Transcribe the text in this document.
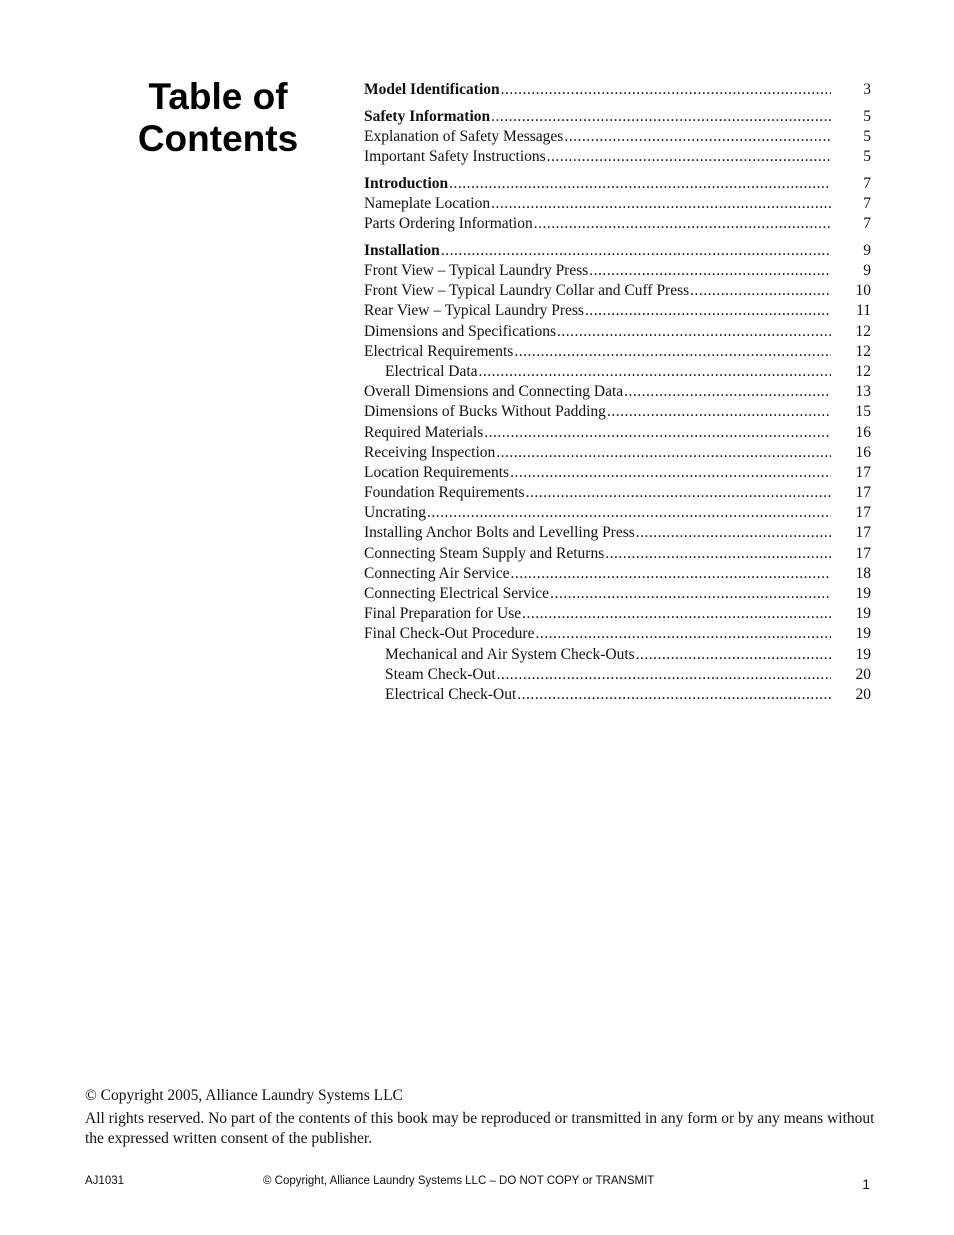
Table of
Contents
Model Identification .....	3
Safety Information .....	5
Explanation of Safety Messages .....	5
Important Safety Instructions .....	5
Introduction .....	7
Nameplate Location .....	7
Parts Ordering Information .....	7
Installation .....	9
Front View – Typical Laundry Press .....	9
Front View – Typical Laundry Collar and Cuff Press .....	10
Rear View – Typical Laundry Press .....	11
Dimensions and Specifications .....	12
Electrical Requirements .....	12
Electrical Data .....	12
Overall Dimensions and Connecting Data .....	13
Dimensions of Bucks Without Padding .....	15
Required Materials .....	16
Receiving Inspection .....	16
Location Requirements .....	17
Foundation Requirements .....	17
Uncrating .....	17
Installing Anchor Bolts and Levelling Press .....	17
Connecting Steam Supply and Returns .....	17
Connecting Air Service .....	18
Connecting Electrical Service .....	19
Final Preparation for Use .....	19
Final Check-Out Procedure .....	19
Mechanical and Air System Check-Outs .....	19
Steam Check-Out .....	20
Electrical Check-Out .....	20

© Copyright 2005, Alliance Laundry Systems LLC

All rights reserved. No part of the contents of this book may be reproduced or transmitted in any form or by any means without the expressed written consent of the publisher.

AJ1031	© Copyright, Alliance Laundry Systems LLC – DO NOT COPY or TRANSMIT	1
